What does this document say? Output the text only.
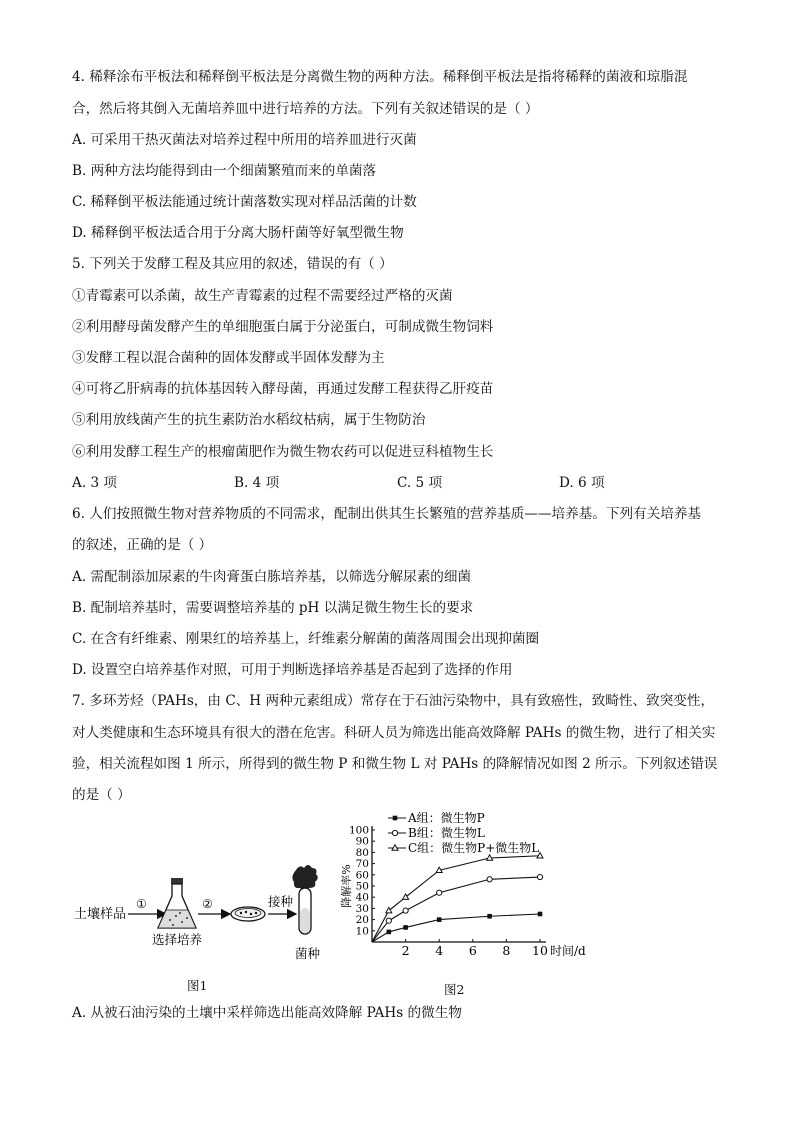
4. 稀释涂布平板法和稀释倒平板法是分离微生物的两种方法。稀释倒平板法是指将稀释的菌液和琼脂混
合，然后将其倒入无菌培养皿中进行培养的方法。下列有关叙述错误的是（ ）
A. 可采用干热灭菌法对培养过程中所用的培养皿进行灭菌
B. 两种方法均能得到由一个细菌繁殖而来的单菌落
C. 稀释倒平板法能通过统计菌落数实现对样品活菌的计数
D. 稀释倒平板法适合用于分离大肠杆菌等好氧型微生物
5. 下列关于发酵工程及其应用的叙述，错误的有（ ）
①青霉素可以杀菌，故生产青霉素的过程不需要经过严格的灭菌
②利用酵母菌发酵产生的单细胞蛋白属于分泌蛋白，可制成微生物饲料
③发酵工程以混合菌种的固体发酵或半固体发酵为主
④可将乙肝病毒的抗体基因转入酵母菌，再通过发酵工程获得乙肝疫苗
⑤利用放线菌产生的抗生素防治水稻纹枯病，属于生物防治
⑥利用发酵工程生产的根瘤菌肥作为微生物农药可以促进豆科植物生长
A. 3 项	B. 4 项	C. 5 项	D. 6 项
6. 人们按照微生物对营养物质的不同需求，配制出供其生长繁殖的营养基质——培养基。下列有关培养基
的叙述，正确的是（ ）
A. 需配制添加尿素的牛肉膏蛋白胨培养基，以筛选分解尿素的细菌
B. 配制培养基时，需要调整培养基的 pH 以满足微生物生长的要求
C. 在含有纤维素、刚果红的培养基上，纤维素分解菌的菌落周围会出现抑菌圈
D. 设置空白培养基作对照，可用于判断选择培养基是否起到了选择的作用
7. 多环芳烃（PAHs，由 C、H 两种元素组成）常存在于石油污染物中，具有致癌性，致畸性、致突变性，
对人类健康和生态环境具有很大的潜在危害。科研人员为筛选出能高效降解 PAHs 的微生物，进行了相关实
验，相关流程如图 1 所示，所得到的微生物 P 和微生物 L 对 PAHs 的降解情况如图 2 所示。下列叙述错误
的是（ ）
土壤样品
①
选择培养
②	接种
菌种
图1
2 4 6 8 10
10
20
30
40
50
60
70
80
90
100
时间/d
降解率%
A组：微生物P
B组：微生物L
C组：微生物P+微生物L
图2
A. 从被石油污染的土壤中采样筛选出能高效降解 PAHs 的微生物
